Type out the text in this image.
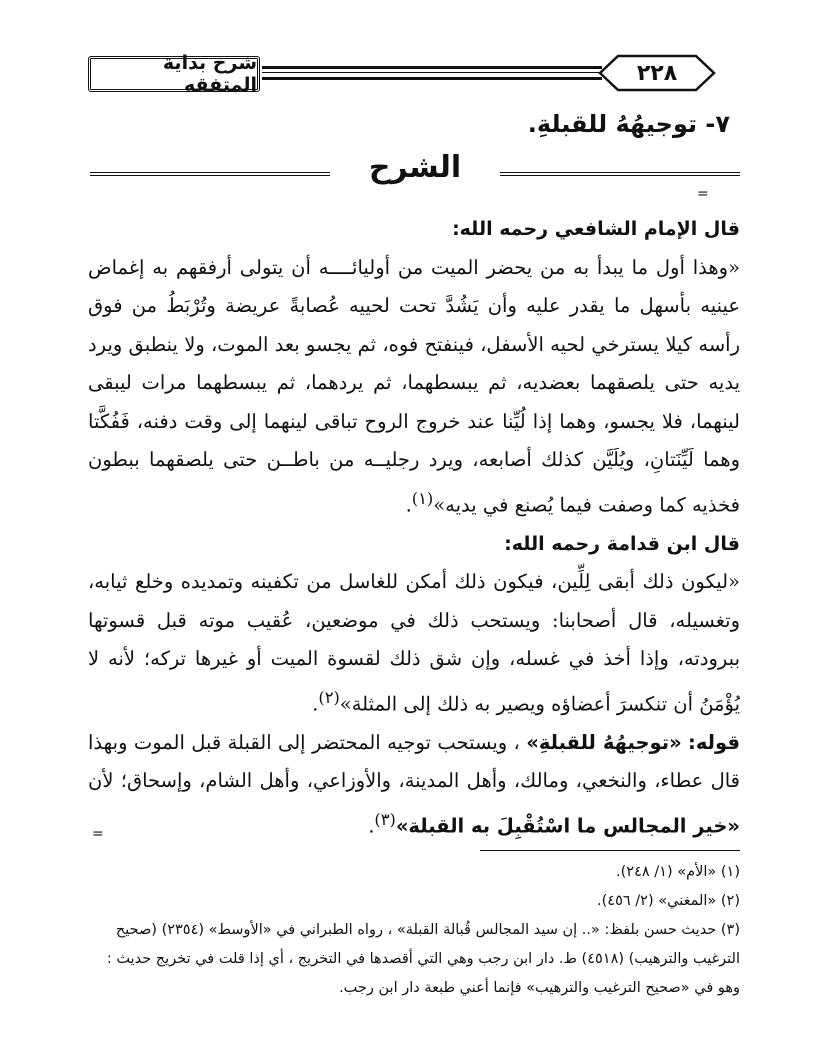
شرح بداية المتفقه	٢٢٨
٧- توجيهُهُ للقبلةِ.
الشرح
=

قال الإمام الشافعي رحمه الله:

«وهذا أول ما يبدأ به من يحضر الميت من أوليائــــه أن يتولى أرفقهم به إغماض عينيه بأسهل ما يقدر عليه وأن يَشُدَّ تحت لحييه عُصابةً عريضة وتُرْبَطُ من فوق رأسه كيلا يسترخي لحيه الأسفل، فينفتح فوه، ثم يجسو بعد الموت، ولا ينطبق ويرد يديه حتى يلصقهما بعضديه، ثم يبسطهما، ثم يردهما، ثم يبسطهما مرات ليبقى لينهما، فلا يجسو، وهما إذا لُيِّنا عند خروج الروح تباقى لينهما إلى وقت دفنه، فَفُكَّتا وهما لَيِّنَتانِ، ويُلَيَّن كذلك أصابعه، ويرد رجليــه من باطــن حتى يلصقهما ببطون فخذيه كما وصفت فيما يُصنع في يديه»$^{(١)}$.

قال ابن قدامة رحمه الله:

«ليكون ذلك أبقى لِلِّين، فيكون ذلك أمكن للغاسل من تكفينه وتمديده وخلع ثيابه، وتغسيله، قال أصحابنا: ويستحب ذلك في موضعين، عُقيب موته قبل قسوتها ببرودته، وإذا أخذ في غسله، وإن شق ذلك لقسوة الميت أو غيرها تركه؛ لأنه لا يُؤْمَنُ أن تنكسرَ أعضاؤه ويصير به ذلك إلى المثلة»$^{(٢)}$.

قوله: «توجيهُهُ للقبلةِ» ، ويستحب توجيه المحتضر إلى القبلة قبل الموت وبهذا قال عطاء، والنخعي، ومالك، وأهل المدينة، والأوزاعي، وأهل الشام، وإسحاق؛ لأن «خير المجالس ما اسْتُقْبِلَ به القبلة»$^{(٣)}$.

=

(١) «الأم» (١/ ٢٤٨).

(٢) «المغني» (٢/ ٤٥٦).

(٣) حديث حسن بلفظ: «.. إن سيد المجالس قُبالة القبلة» ، رواه الطبراني في «الأوسط» (٢٣٥٤) (صحيح الترغيب والترهيب) (٤٥١٨) ط. دار ابن رجب وهي التي أقصدها في التخريج ، أي إذا قلت في تخريج حديث : وهو في «صحيح الترغيب والترهيب» فإنما أعني طبعة دار ابن رجب.
